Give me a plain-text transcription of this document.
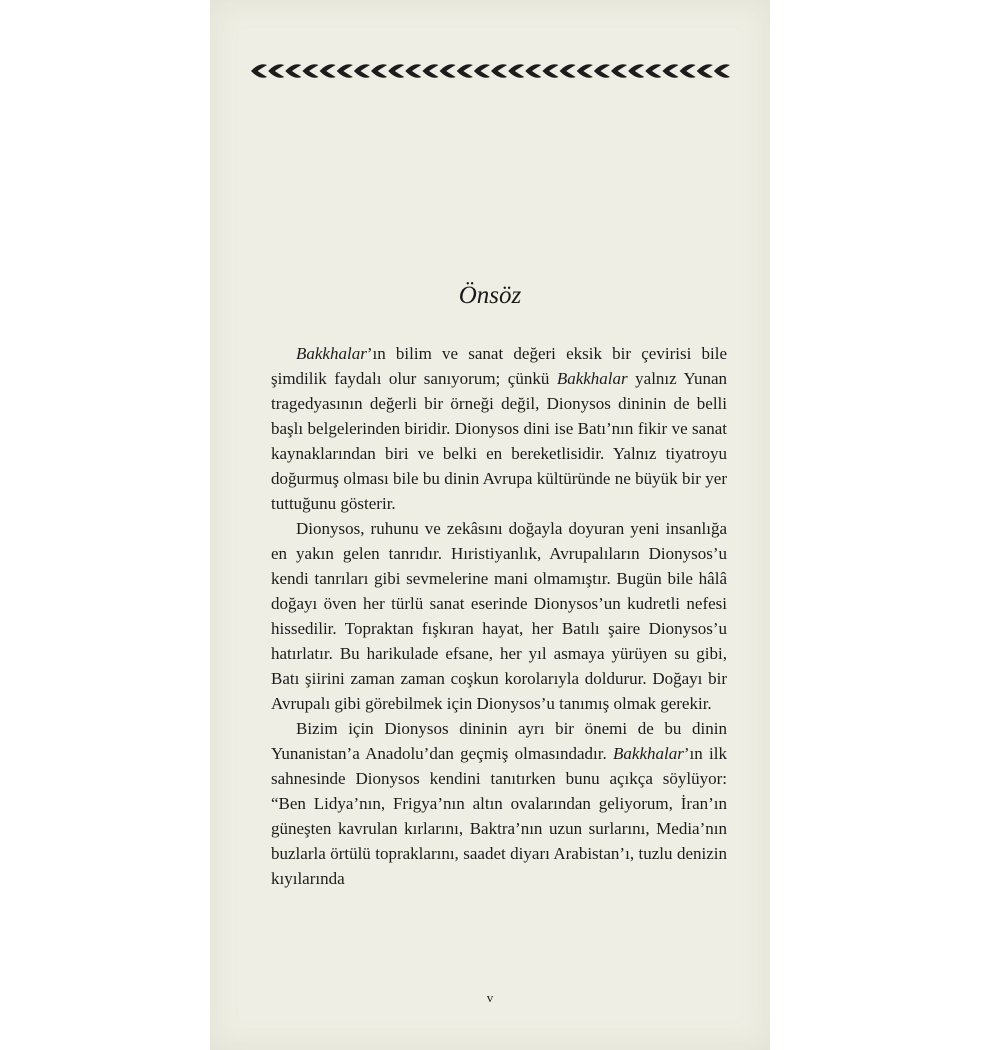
Önsöz

Bakkhalar’ın bilim ve sanat değeri eksik bir çevirisi bile şimdilik faydalı olur sanıyorum; çünkü Bakkhalar yalnız Yunan tragedyasının değerli bir örneği değil, Dionysos dininin de belli başlı belgelerinden biridir. Dionysos dini ise Batı’nın fikir ve sanat kaynaklarından biri ve belki en bereketlisidir. Yalnız tiyatroyu doğurmuş olması bile bu dinin Avrupa kültüründe ne büyük bir yer tuttuğunu gösterir.

Dionysos, ruhunu ve zekâsını doğayla doyuran yeni insanlığa en yakın gelen tanrıdır. Hıristiyanlık, Avrupalıların Dionysos’u kendi tanrıları gibi sevmelerine mani olmamıştır. Bugün bile hâlâ doğayı öven her türlü sanat eserinde Dionysos’un kudretli nefesi hissedilir. Topraktan fışkıran hayat, her Batılı şaire Dionysos’u hatırlatır. Bu harikulade efsane, her yıl asmaya yürüyen su gibi, Batı şiirini zaman zaman coşkun korolarıyla doldurur. Doğayı bir Avrupalı gibi görebilmek için Dionysos’u tanımış olmak gerekir.

Bizim için Dionysos dininin ayrı bir önemi de bu dinin Yunanistan’a Anadolu’dan geçmiş olmasındadır. Bakkhalar’ın ilk sahnesinde Dionysos kendini tanıtırken bunu açıkça söylüyor: “Ben Lidya’nın, Frigya’nın altın ovalarından geliyorum, İran’ın güneşten kavrulan kırlarını, Baktra’nın uzun surlarını, Media’nın buzlarla örtülü topraklarını, saadet diyarı Arabistan’ı, tuzlu denizin kıyılarında

v
